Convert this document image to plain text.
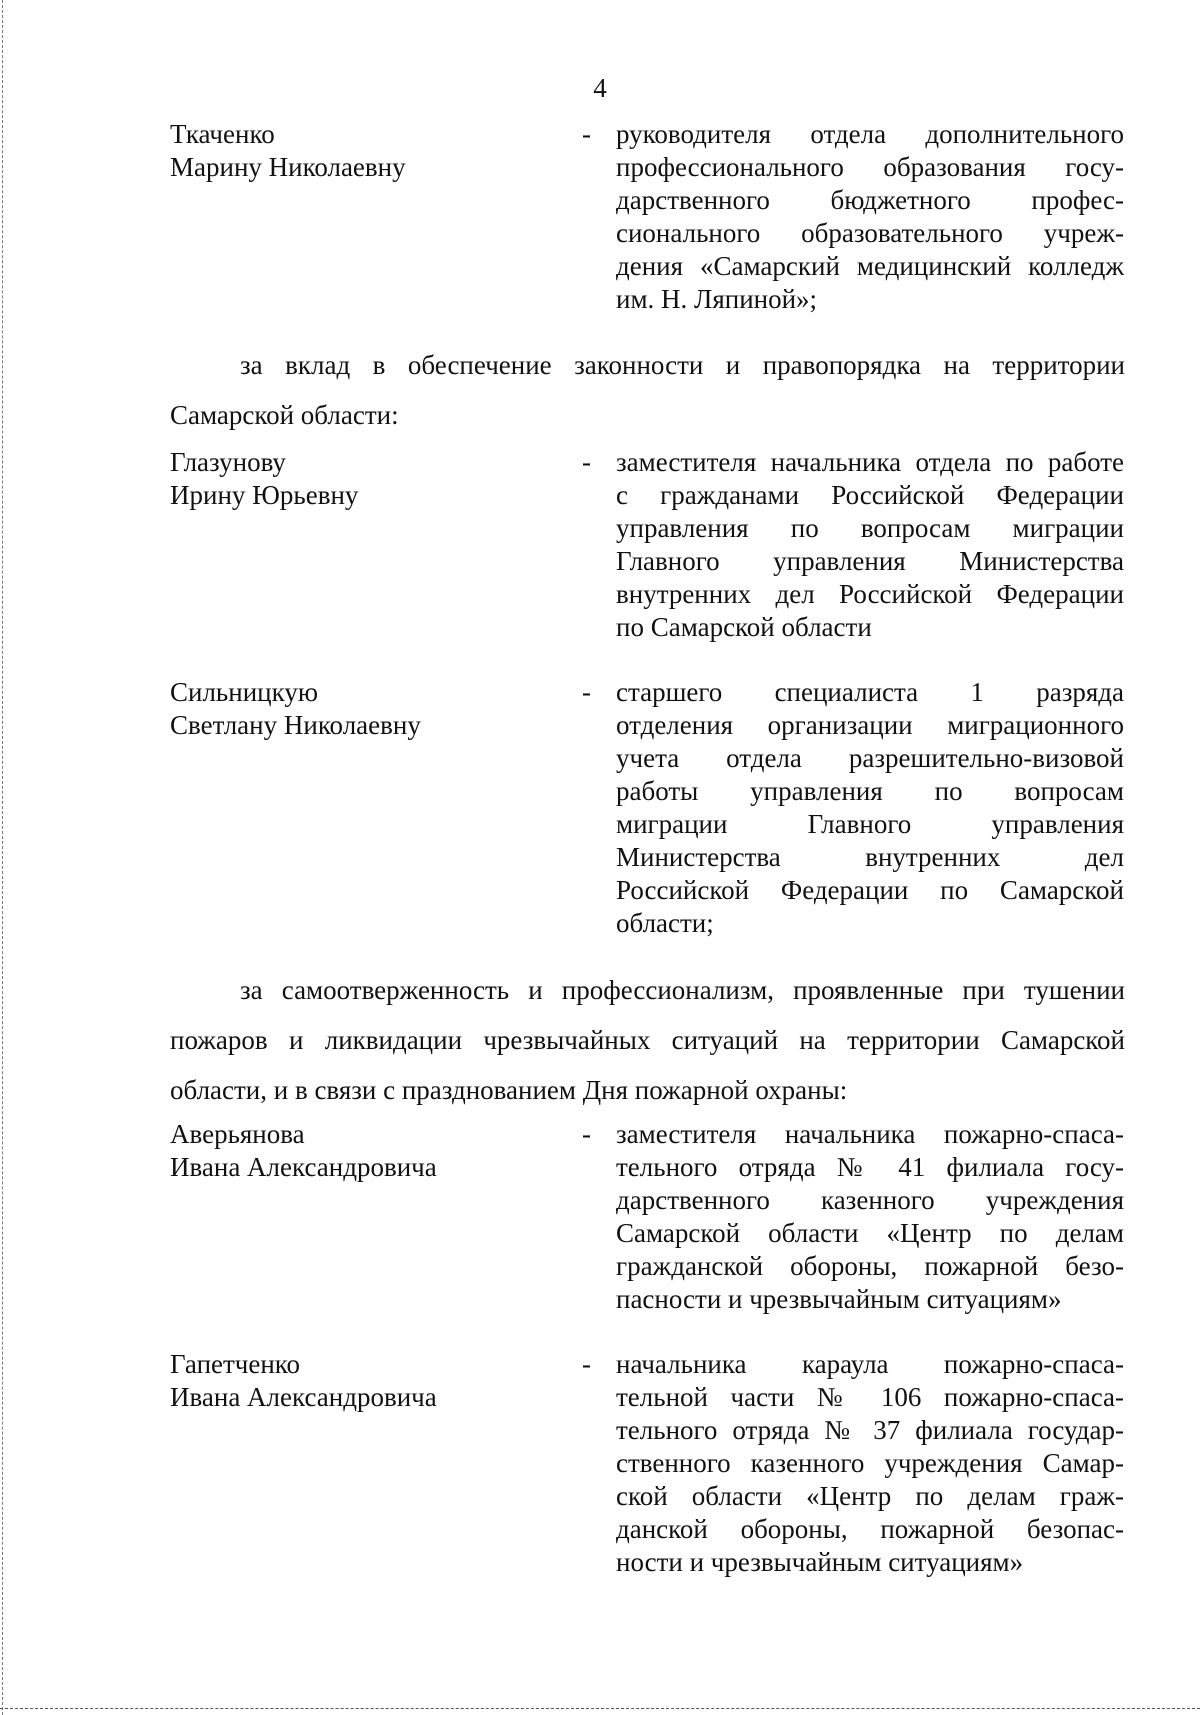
4
Ткаченко
Марину Николаевну
- руководителя отдела дополнительного
профессионального образования госу-
дарственного бюджетного профес-
сионального образовательного учреж-
дения «Самарский медицинский колледж
им. Н. Ляпиной»;
за вклад в обеспечение законности и правопорядка на территории
Самарской области:
Глазунову
Ирину Юрьевну
- заместителя начальника отдела по работе
с гражданами Российской Федерации
управления по вопросам миграции
Главного управления Министерства
внутренних дел Российской Федерации
по Самарской области
Сильницкую
Светлану Николаевну
- старшего специалиста 1 разряда
отделения организации миграционного
учета отдела разрешительно-визовой
работы управления по вопросам
миграции Главного управления
Министерства внутренних дел
Российской Федерации по Самарской
области;
за самоотверженность и профессионализм, проявленные при тушении
пожаров и ликвидации чрезвычайных ситуаций на территории Самарской
области, и в связи с празднованием Дня пожарной охраны:
Аверьянова
Ивана Александровича
- заместителя начальника пожарно-спаса-
тельного отряда № 41 филиала госу-
дарственного казенного учреждения
Самарской области «Центр по делам
гражданской обороны, пожарной безо-
пасности и чрезвычайным ситуациям»
Гапетченко
Ивана Александровича
- начальника караула пожарно-спаса-
тельной части № 106 пожарно-спаса-
тельного отряда № 37 филиала государ-
ственного казенного учреждения Самар-
ской области «Центр по делам граж-
данской обороны, пожарной безопас-
ности и чрезвычайным ситуациям»
